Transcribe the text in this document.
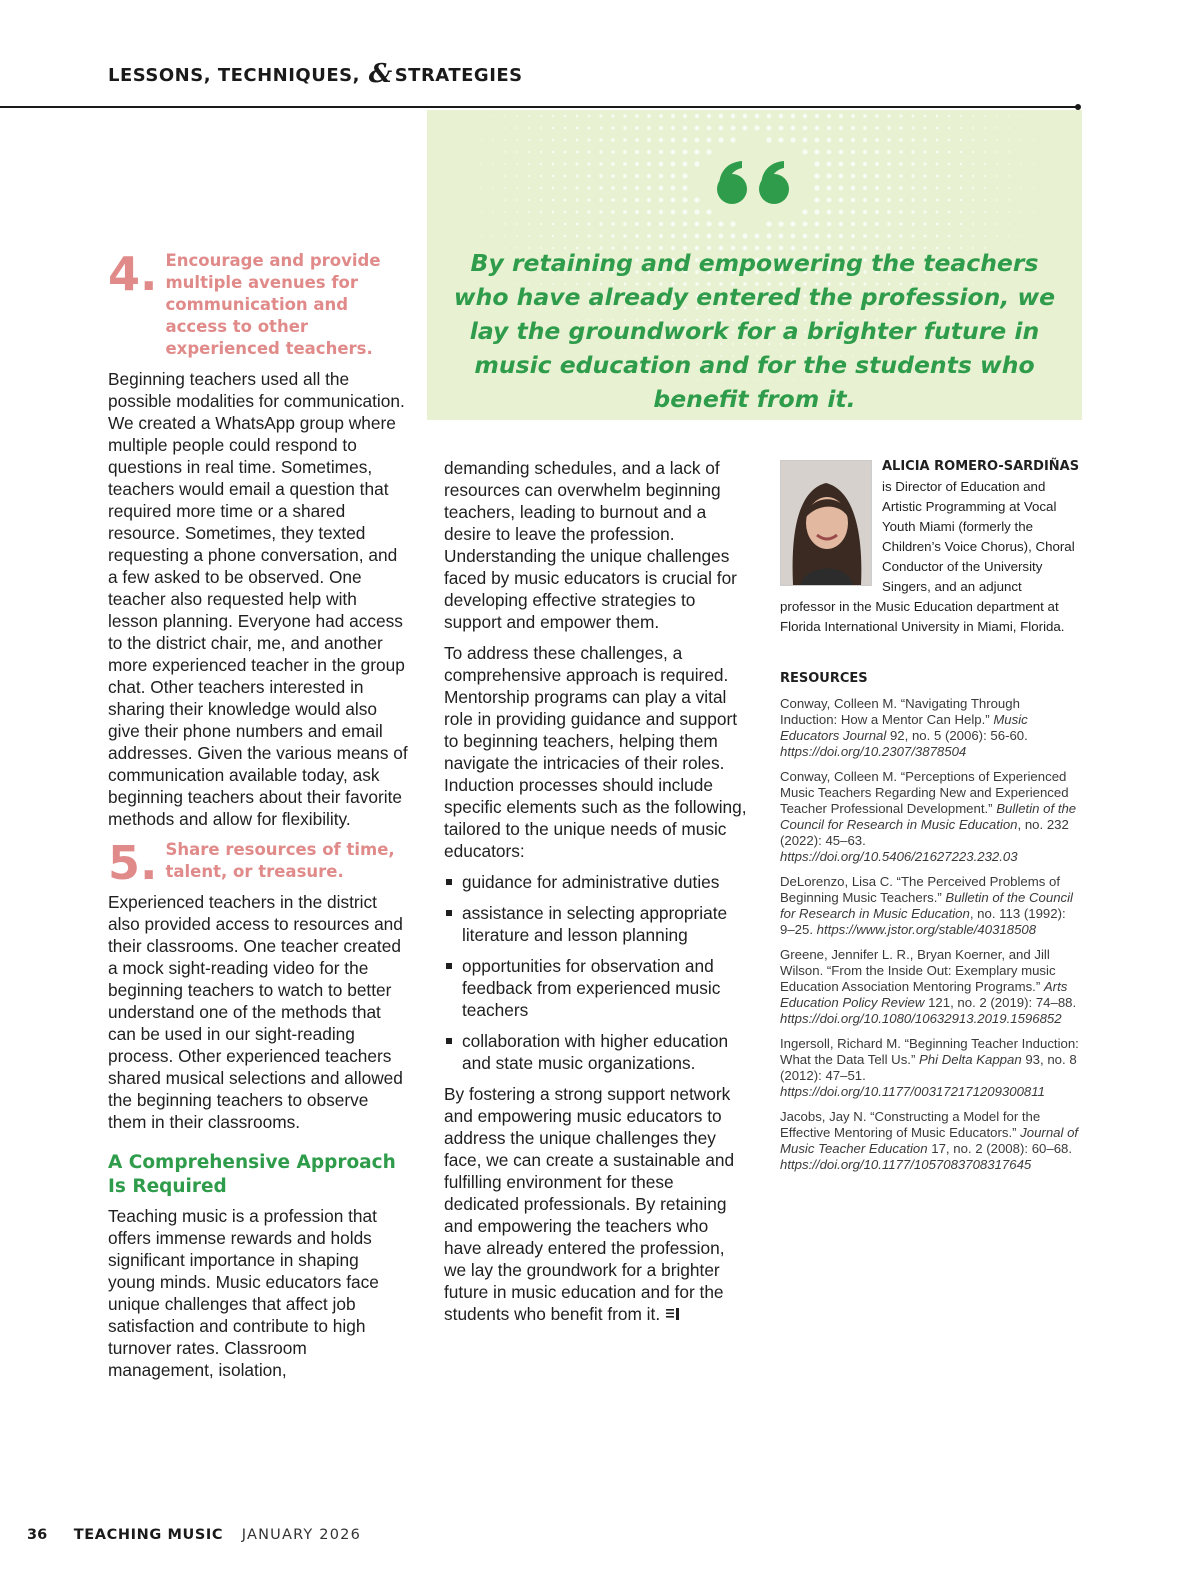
LESSONS, TECHNIQUES, & STRATEGIES

By retaining and empowering the teachers who have already entered the profession, we lay the groundwork for a brighter future in music education and for the students who benefit from it.

4. Encourage and provide multiple avenues for communication and access to other experienced teachers.

Beginning teachers used all the possible modalities for communication. We created a WhatsApp group where multiple people could respond to questions in real time. Sometimes, teachers would email a question that required more time or a shared resource. Sometimes, they texted requesting a phone conversation, and a few asked to be observed. One teacher also requested help with lesson planning. Everyone had access to the district chair, me, and another more experienced teacher in the group chat. Other teachers interested in sharing their knowledge would also give their phone numbers and email addresses. Given the various means of communication available today, ask beginning teachers about their favorite methods and allow for flexibility.

5. Share resources of time, talent, or treasure.

Experienced teachers in the district also provided access to resources and their classrooms. One teacher created a mock sight-reading video for the beginning teachers to watch to better understand one of the methods that can be used in our sight-reading process. Other experienced teachers shared musical selections and allowed the beginning teachers to observe them in their classrooms.

A Comprehensive Approach Is Required

Teaching music is a profession that offers immense rewards and holds significant importance in shaping young minds. Music educators face unique challenges that affect job satisfaction and contribute to high turnover rates. Classroom management, isolation,

demanding schedules, and a lack of resources can overwhelm beginning teachers, leading to burnout and a desire to leave the profession. Understanding the unique challenges faced by music educators is crucial for developing effective strategies to support and empower them.

To address these challenges, a comprehensive approach is required. Mentorship programs can play a vital role in providing guidance and support to beginning teachers, helping them navigate the intricacies of their roles. Induction processes should include specific elements such as the following, tailored to the unique needs of music educators:

guidance for administrative duties
assistance in selecting appropriate literature and lesson planning
opportunities for observation and feedback from experienced music teachers
collaboration with higher education and state music organizations.

By fostering a strong support network and empowering music educators to address the unique challenges they face, we can create a sustainable and fulfilling environment for these dedicated professionals. By retaining and empowering the teachers who have already entered the profession, we lay the groundwork for a brighter future in music education and for the students who benefit from it.

ALICIA ROMERO-SARDIÑAS
is Director of Education and Artistic Programming at Vocal Youth Miami (formerly the Children’s Voice Chorus), Choral Conductor of the University Singers, and an adjunct professor in the Music Education department at Florida International University in Miami, Florida.
RESOURCES

Conway, Colleen M. “Navigating Through Induction: How a Mentor Can Help.” Music Educators Journal 92, no. 5 (2006): 56-60. https://doi.org/10.2307/3878504

Conway, Colleen M. “Perceptions of Experienced Music Teachers Regarding New and Experienced Teacher Professional Development.” Bulletin of the Council for Research in Music Education, no. 232 (2022): 45–63. https://doi.org/10.5406/21627223.232.03

DeLorenzo, Lisa C. “The Perceived Problems of Beginning Music Teachers.” Bulletin of the Council for Research in Music Education, no. 113 (1992): 9–25. https://www.jstor.org/stable/40318508

Greene, Jennifer L. R., Bryan Koerner, and Jill Wilson. “From the Inside Out: Exemplary music Education Association Mentoring Programs.” Arts Education Policy Review 121, no. 2 (2019): 74–88. https://doi.org/10.1080/10632913.2019.1596852

Ingersoll, Richard M. “Beginning Teacher Induction: What the Data Tell Us.” Phi Delta Kappan 93, no. 8 (2012): 47–51. https://doi.org/10.1177/003172171209300811

Jacobs, Jay N. “Constructing a Model for the Effective Mentoring of Music Educators.” Journal of Music Teacher Education 17, no. 2 (2008): 60–68. https://doi.org/10.1177/1057083708317645

36 TEACHING MUSIC JANUARY 2026
